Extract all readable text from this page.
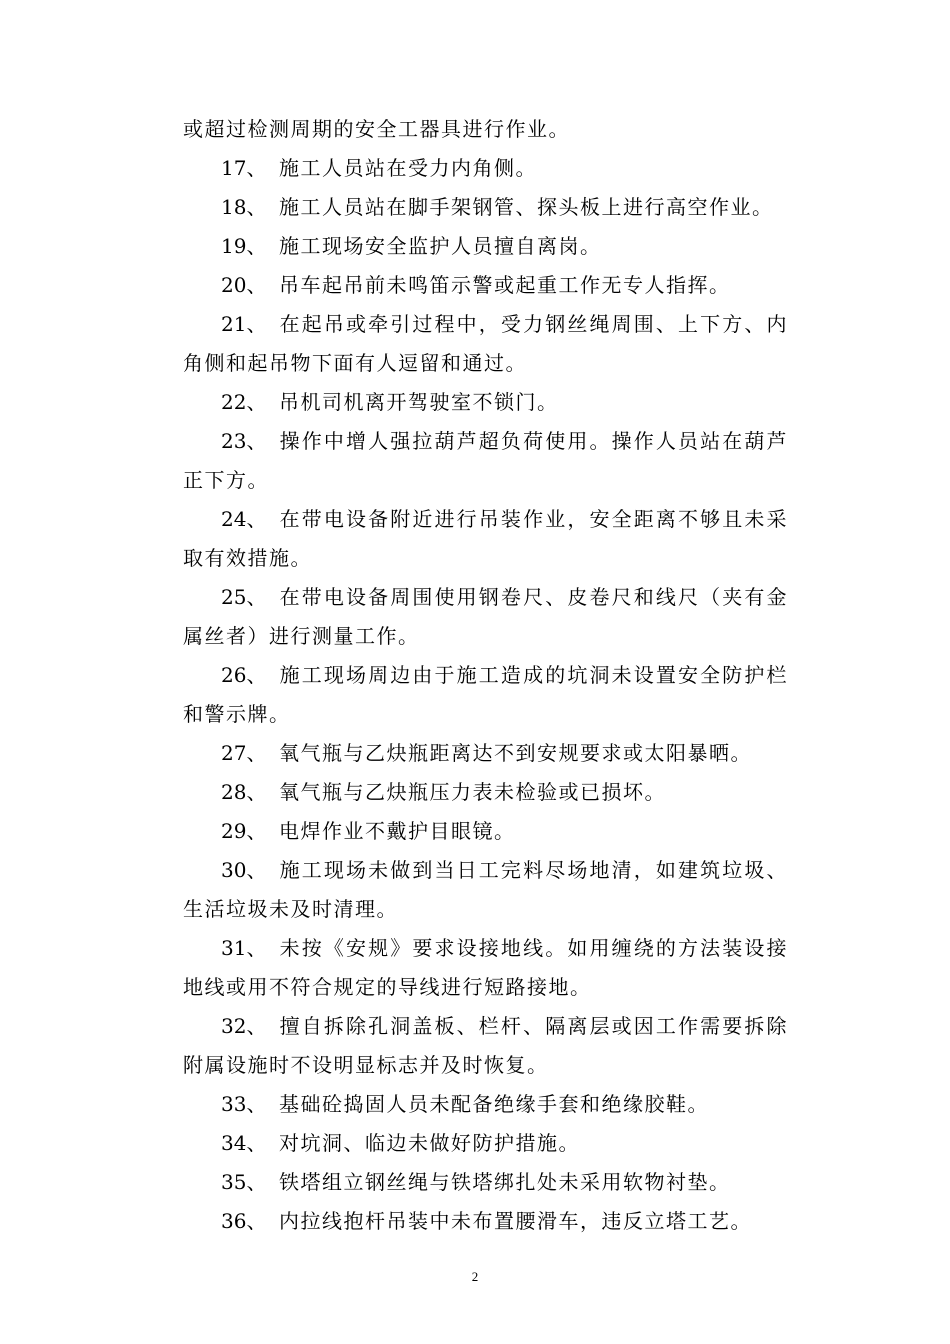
或超过检测周期的安全工器具进行作业。

17、 施工人员站在受力内角侧。

18、 施工人员站在脚手架钢管、探头板上进行高空作业。

19、 施工现场安全监护人员擅自离岗。

20、 吊车起吊前未鸣笛示警或起重工作无专人指挥。

21、 在起吊或牵引过程中，受力钢丝绳周围、上下方、内角侧和起吊物下面有人逗留和通过。

22、 吊机司机离开驾驶室不锁门。

23、 操作中增人强拉葫芦超负荷使用。操作人员站在葫芦正下方。

24、 在带电设备附近进行吊装作业，安全距离不够且未采取有效措施。

25、 在带电设备周围使用钢卷尺、皮卷尺和线尺（夹有金属丝者）进行测量工作。

26、 施工现场周边由于施工造成的坑洞未设置安全防护栏和警示牌。

27、 氧气瓶与乙炔瓶距离达不到安规要求或太阳暴晒。

28、 氧气瓶与乙炔瓶压力表未检验或已损坏。

29、 电焊作业不戴护目眼镜。

30、 施工现场未做到当日工完料尽场地清，如建筑垃圾、生活垃圾未及时清理。

31、 未按《安规》要求设接地线。如用缠绕的方法装设接地线或用不符合规定的导线进行短路接地。

32、 擅自拆除孔洞盖板、栏杆、隔离层或因工作需要拆除附属设施时不设明显标志并及时恢复。

33、 基础砼捣固人员未配备绝缘手套和绝缘胶鞋。

34、 对坑洞、临边未做好防护措施。

35、 铁塔组立钢丝绳与铁塔绑扎处未采用软物衬垫。

36、 内拉线抱杆吊装中未布置腰滑车，违反立塔工艺。

2
